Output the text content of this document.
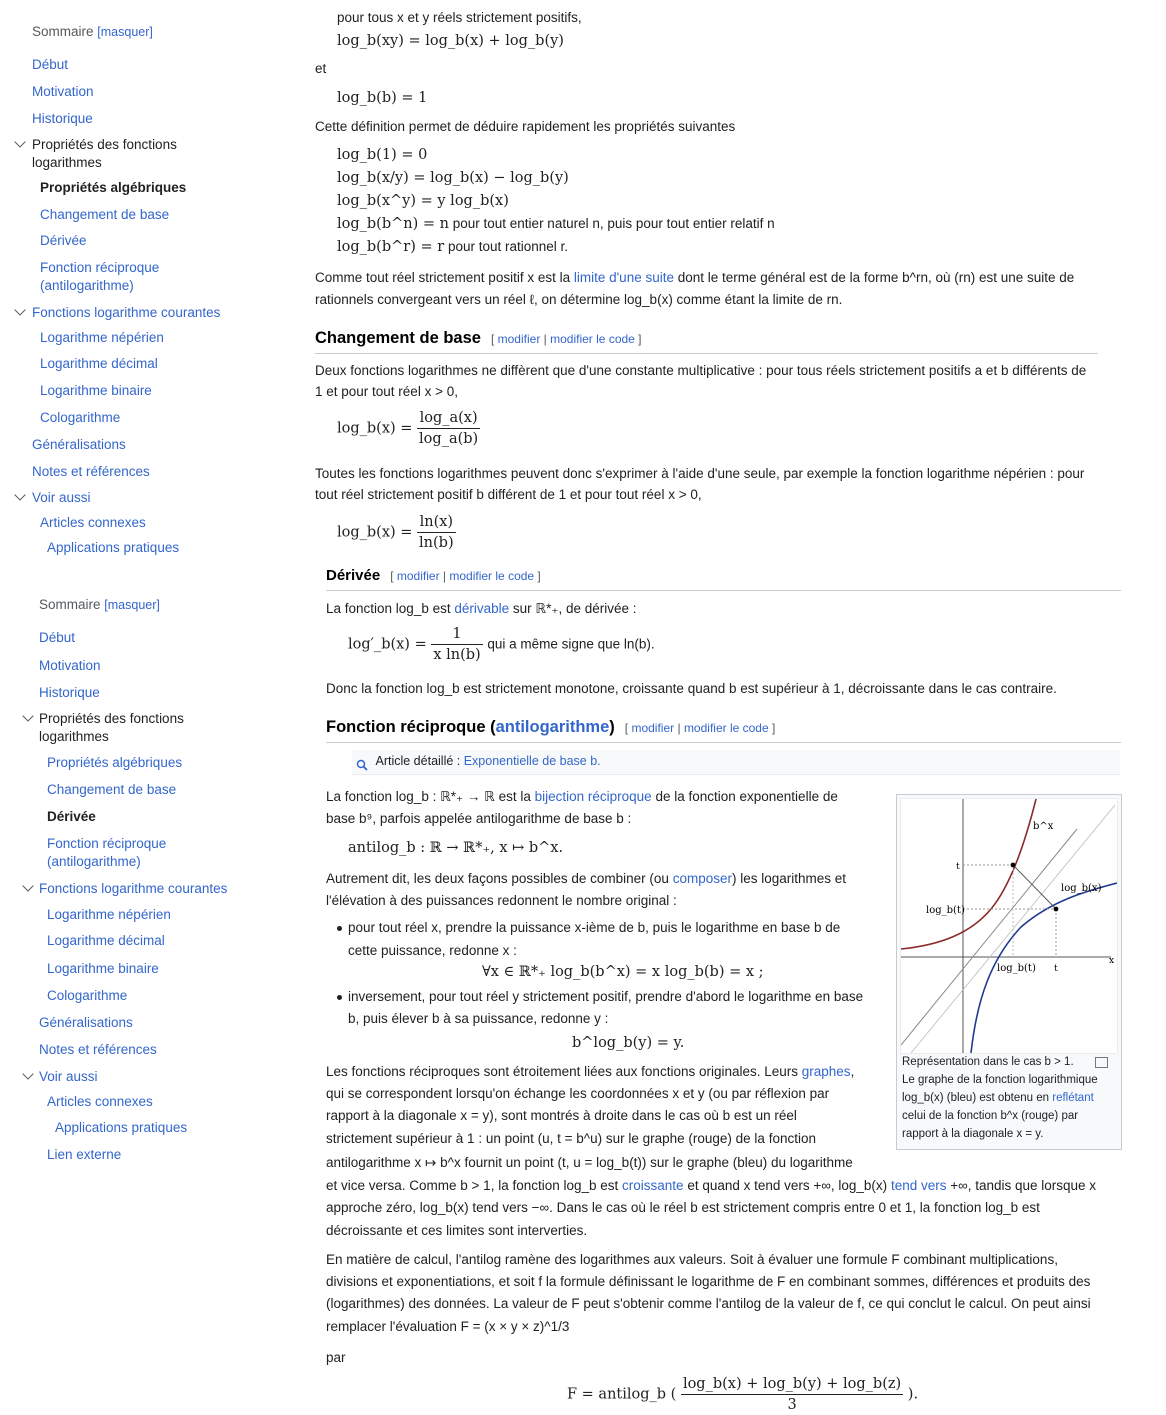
Sommaire [masquer]
Début
Motivation
Historique
Propriétés des fonctions
logarithmes
Propriétés algébriques
Changement de base
Dérivée
Fonction réciproque
(antilogarithme)
Fonctions logarithme courantes
Logarithme népérien
Logarithme décimal
Logarithme binaire
Cologarithme
Généralisations
Notes et références
Voir aussi
Articles connexes
Applications pratiques
Sommaire [masquer]
Début
Motivation
Historique
Propriétés des fonctions
logarithmes
Propriétés algébriques
Changement de base
Dérivée
Fonction réciproque
(antilogarithme)
Fonctions logarithme courantes
Logarithme népérien
Logarithme décimal
Logarithme binaire
Cologarithme
Généralisations
Notes et références
Voir aussi
Articles connexes
Applications pratiques
Lien externe
pour tous x et y réels strictement positifs,
log_b(xy) = log_b(x) + log_b(y)
et
log_b(b) = 1
Cette définition permet de déduire rapidement les propriétés suivantes
log_b(1) = 0
log_b(x/y) = log_b(x) − log_b(y)
log_b(x^y) = y log_b(x)
log_b(b^n) = n pour tout entier naturel n, puis pour tout entier relatif n
log_b(b^r) = r pour tout rationnel r.
Comme tout réel strictement positif x est la limite d'une suite dont le terme général est de la forme b^rn, où (rn) est une suite de
rationnels convergeant vers un réel ℓ, on détermine log_b(x) comme étant la limite de rn.
Changement de base [ modifier | modifier le code ]
Deux fonctions logarithmes ne diffèrent que d'une constante multiplicative : pour tous réels strictement positifs a et b différents de
1 et pour tout réel x > 0,
log_b(x) = $\frac{\log\_a(x)}{\log\_a(b)}$
Toutes les fonctions logarithmes peuvent donc s'exprimer à l'aide d'une seule, par exemple la fonction logarithme népérien : pour
tout réel strictement positif b différent de 1 et pour tout réel x > 0,
log_b(x) = $\frac{\ln(x)}{\ln(b)}$
Dérivée [ modifier | modifier le code ]
La fonction log_b est dérivable sur ℝ*₊, de dérivée :
log′_b(x) = $\frac{1}{\text{x ln(b)}}$ qui a même signe que ln(b).
Donc la fonction log_b est strictement monotone, croissante quand b est supérieur à 1, décroissante dans le cas contraire.
Fonction réciproque (antilogarithme) [ modifier | modifier le code ]
Article détaillé : Exponentielle de base b.
La fonction log_b : ℝ*₊ → ℝ est la bijection réciproque de la fonction exponentielle de
base b⁹, parfois appelée antilogarithme de base b :
antilog_b : ℝ → ℝ*₊, x ↦ b^x.
Autrement dit, les deux façons possibles de combiner (ou composer) les logarithmes et
l'élévation à des puissances redonnent le nombre original :
pour tout réel x, prendre la puissance x-ième de b, puis le logarithme en base b de
cette puissance, redonne x :
∀x ∈ ℝ*₊ log_b(b^x) = x log_b(b) = x ;
inversement, pour tout réel y strictement positif, prendre d'abord le logarithme en base
b, puis élever b à sa puissance, redonne y :
b^log_b(y) = y.
Les fonctions réciproques sont étroitement liées aux fonctions originales. Leurs graphes,
qui se correspondent lorsqu'on échange les coordonnées x et y (ou par réflexion par
rapport à la diagonale x = y), sont montrés à droite dans le cas où b est un réel
strictement supérieur à 1 : un point (u, t = b^u) sur le graphe (rouge) de la fonction
antilogarithme x ↦ b^x fournit un point (t, u = log_b(t)) sur le graphe (bleu) du logarithme
et vice versa. Comme b > 1, la fonction log_b est croissante et quand x tend vers +∞, log_b(x) tend vers +∞, tandis que lorsque x
approche zéro, log_b(x) tend vers −∞. Dans le cas où le réel b est strictement compris entre 0 et 1, la fonction log_b est
décroissante et ces limites sont interverties.
En matière de calcul, l'antilog ramène des logarithmes aux valeurs. Soit à évaluer une formule F combinant multiplications,
divisions et exponentiations, et soit f la formule définissant le logarithme de F en combinant sommes, différences et produits des
(logarithmes) des données. La valeur de F peut s'obtenir comme l'antilog de la valeur de f, ce qui conclut le calcul. On peut ainsi
remplacer l'évaluation F = (x × y × z)^1/3
par
F = antilog_b ( $\frac{\log\_b(x) + \log\_b(y) + \log\_b(z)}{3}$ ).
b^x
t
log_b(t)
log_b(x)
x
log_b(t) t
Représentation dans le cas b > 1.
Le graphe de la fonction logarithmique
log_b(x) (bleu) est obtenu en reflétant
celui de la fonction b^x (rouge) par
rapport à la diagonale x = y.
